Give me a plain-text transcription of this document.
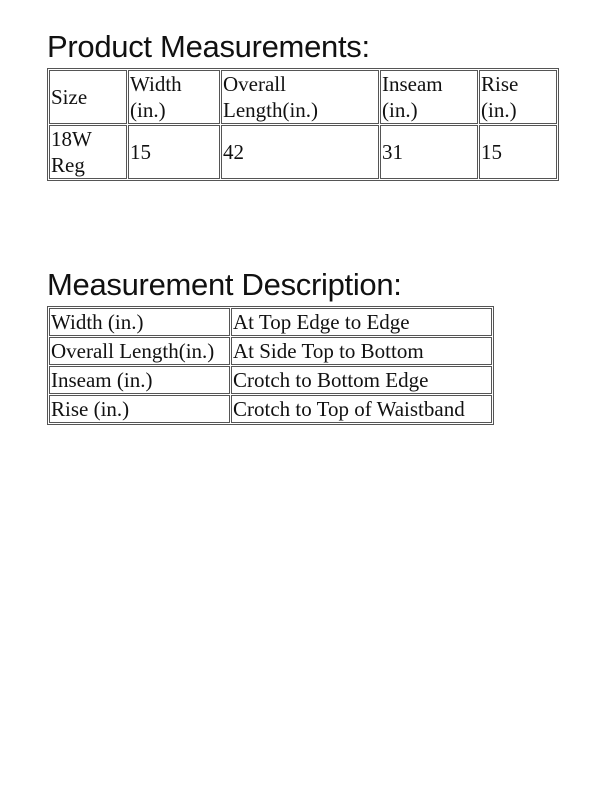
Product Measurements:
Size	Width (in.)	Overall Length(in.)	Inseam (in.)	Rise (in.)
18W Reg	15	42	31	15
Measurement Description:
Width (in.)	At Top Edge to Edge
Overall Length(in.)	At Side Top to Bottom
Inseam (in.)	Crotch to Bottom Edge
Rise (in.)	Crotch to Top of Waistband
